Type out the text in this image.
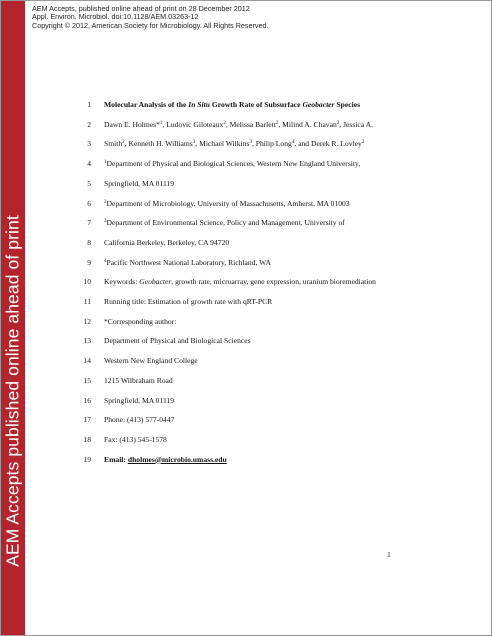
AEM Accepts published online ahead of print
AEM Accepts, published online ahead of print on 28 December 2012
Appl. Environ. Microbiol. doi:10.1128/AEM.03263-12
Copyright © 2012, American Society for Microbiology. All Rights Reserved.
1 Molecular Analysis of the In Situ Growth Rate of Subsurface Geobacter Species
2 Dawn E. Holmes*$^1$, Ludovic Giloteaux$^2$, Melissa Barlett$^2$, Milind A. Chavan$^2$, Jessica A.
3 Smith$^2$, Kenneth H. Williams$^3$, Michael Wilkins$^3$, Philip Long$^4$, and Derek R. Lovley$^2$
4	$^1$Department of Physical and Biological Sciences, Western New England University,
5 Springfield, MA 01119
6	$^2$Department of Microbiology, University of Massachusetts, Amherst, MA 01003
7	$^3$Department of Environmental Science, Policy and Management, University of
8 California Berkeley, Berkeley, CA 94720
9	$^4$Pacific Northwest National Laboratory, Richland, WA
10 Keywords: Geobacter, growth rate, microarray, gene expression, uranium bioremediation
11 Running title: Estimation of growth rate with qRT-PCR
12 *Corresponding author:
13 Department of Physical and Biological Sciences
14 Western New England College
15 1215 Wilbraham Road
16 Springfield, MA 01119
17 Phone: (413) 577-0447
18 Fax: (413) 545-1578
19 Email: dholmes@microbio.umass.edu
1
